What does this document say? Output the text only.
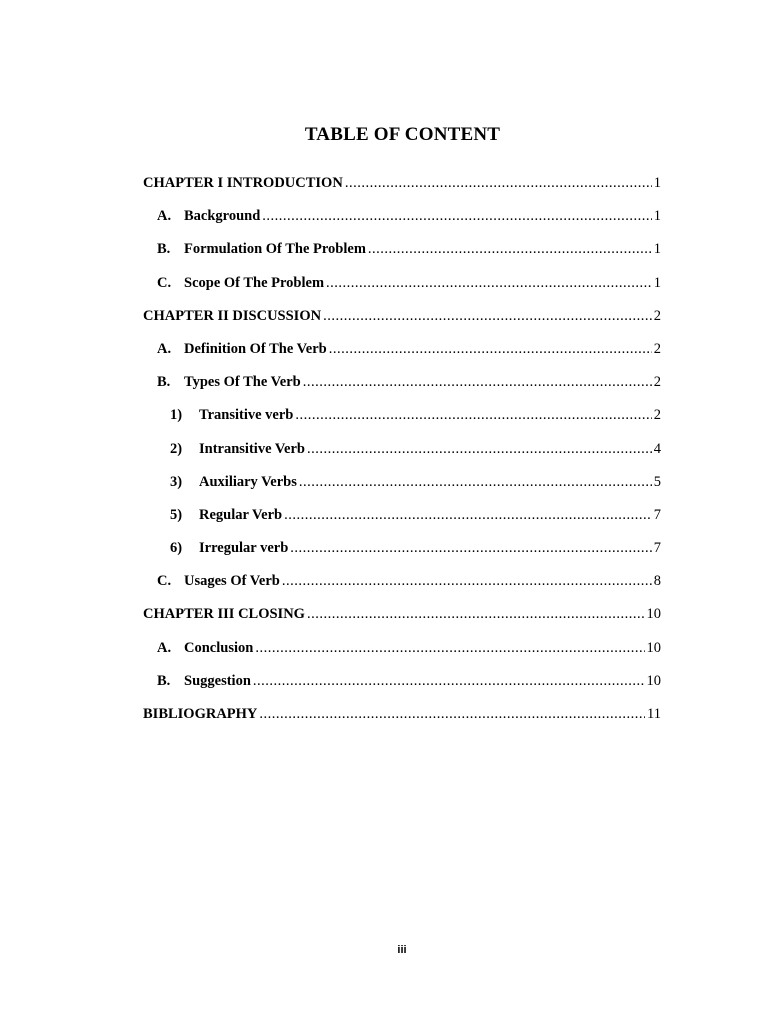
TABLE OF CONTENT
CHAPTER I INTRODUCTION .....	1
A. Background .....	1
B. Formulation Of The Problem .....	1
C. Scope Of The Problem .....	1
CHAPTER II DISCUSSION .....	2
A. Definition Of The Verb .....	2
B. Types Of The Verb .....	2
1)	Transitive verb .....	2
2)	Intransitive Verb .....	4
3)	Auxiliary Verbs .....	5
5)	Regular Verb .....	7
6)	Irregular verb .....	7
C. Usages Of Verb .....	8
CHAPTER III CLOSING .....	10
A. Conclusion .....	10
B. Suggestion .....	10
BIBLIOGRAPHY .....	11
iii
